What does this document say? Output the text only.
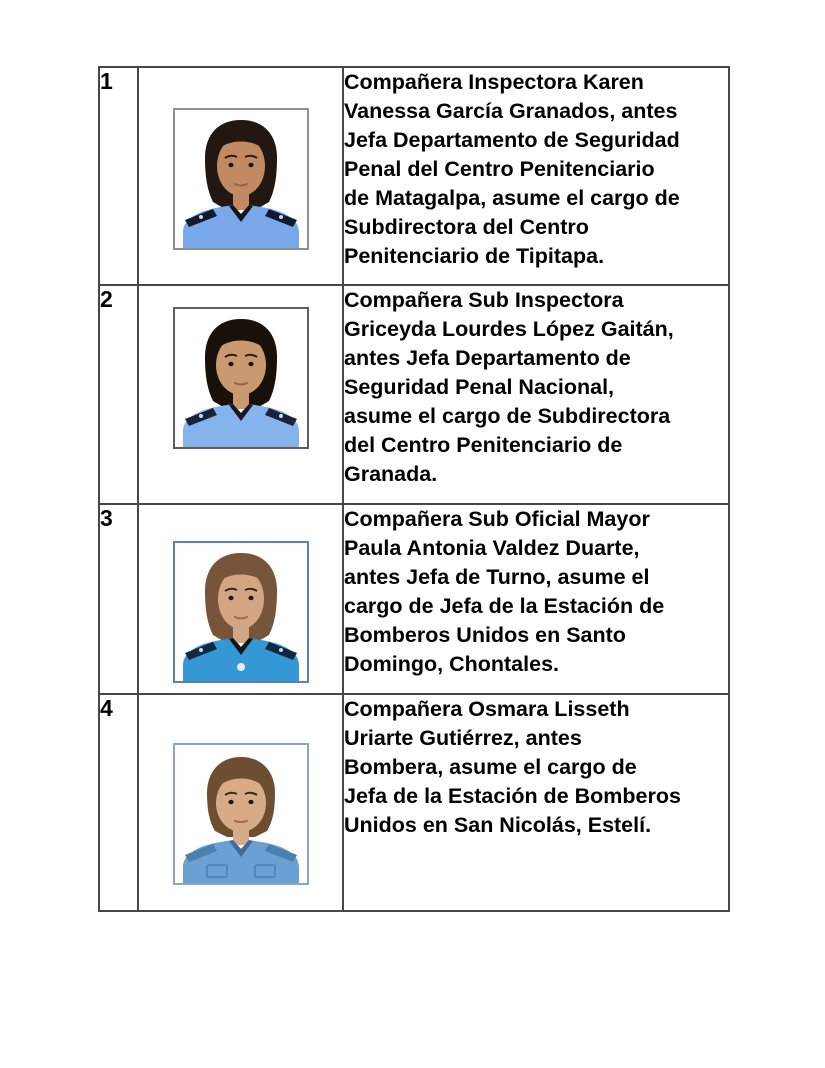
1		Compañera Inspectora Karen
Vanessa García Granados, antes
Jefa Departamento de Seguridad
Penal del Centro Penitenciario
de Matagalpa, asume el cargo de
Subdirectora del Centro
Penitenciario de Tipitapa.

2		Compañera Sub Inspectora
Griceyda Lourdes López Gaitán,
antes Jefa Departamento de
Seguridad Penal Nacional,
asume el cargo de Subdirectora
del Centro Penitenciario de
Granada.

3		Compañera Sub Oficial Mayor
Paula Antonia Valdez Duarte,
antes Jefa de Turno, asume el
cargo de Jefa de la Estación de
Bomberos Unidos en Santo
Domingo, Chontales.

4		Compañera Osmara Lisseth
Uriarte Gutiérrez, antes
Bombera, asume el cargo de
Jefa de la Estación de Bomberos
Unidos en San Nicolás, Estelí.
